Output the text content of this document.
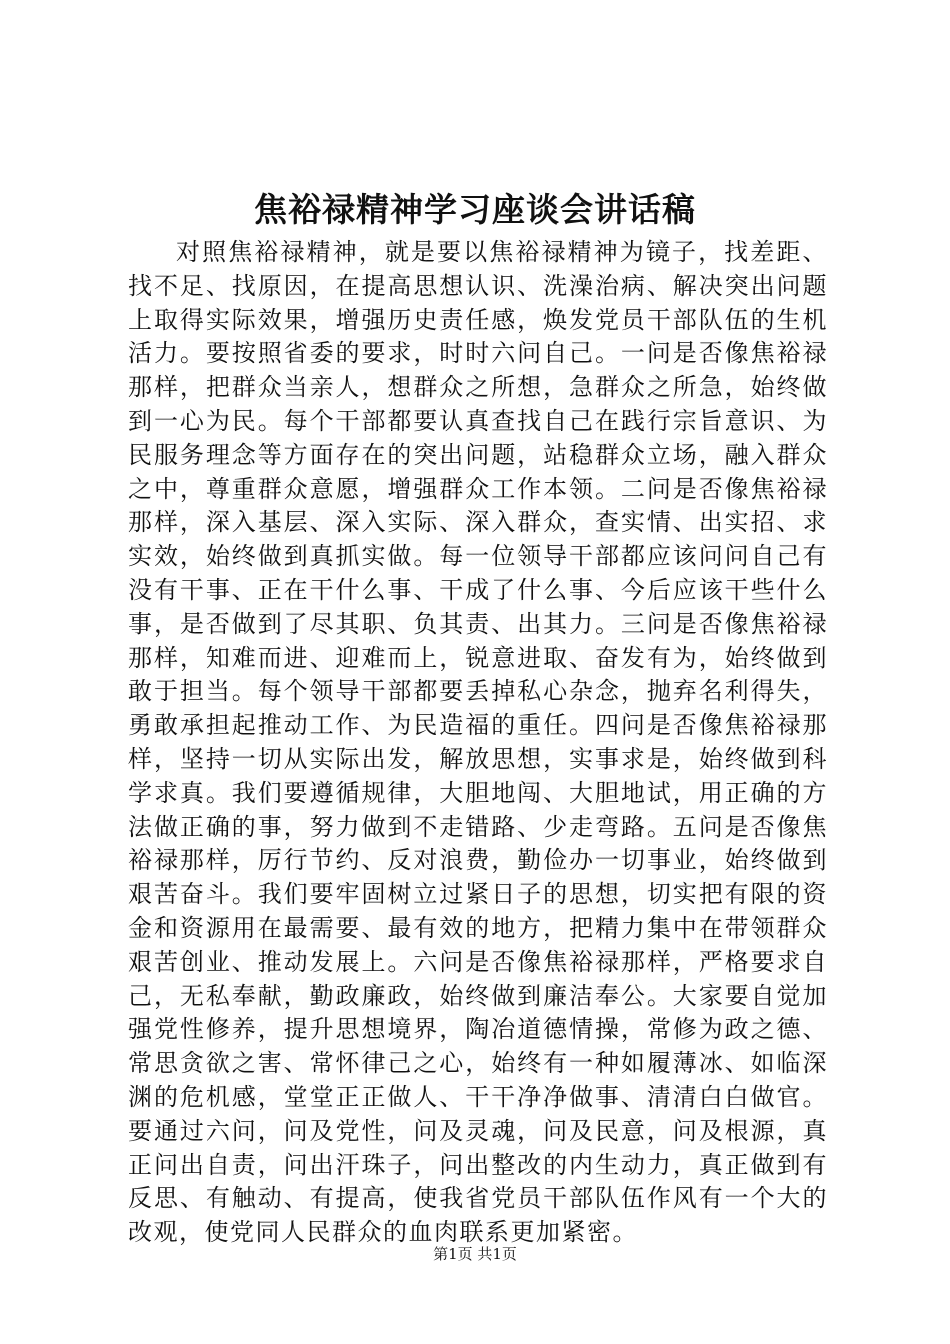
焦裕禄精神学习座谈会讲话稿

对照焦裕禄精神，就是要以焦裕禄精神为镜子，找差距、找不足、找原因，在提高思想认识、洗澡治病、解决突出问题上取得实际效果，增强历史责任感，焕发党员干部队伍的生机活力。要按照省委的要求，时时六问自己。一问是否像焦裕禄那样，把群众当亲人，想群众之所想，急群众之所急，始终做到一心为民。每个干部都要认真查找自己在践行宗旨意识、为民服务理念等方面存在的突出问题，站稳群众立场，融入群众之中，尊重群众意愿，增强群众工作本领。二问是否像焦裕禄那样，深入基层、深入实际、深入群众，查实情、出实招、求实效，始终做到真抓实做。每一位领导干部都应该问问自己有没有干事、正在干什么事、干成了什么事、今后应该干些什么事，是否做到了尽其职、负其责、出其力。三问是否像焦裕禄那样，知难而进、迎难而上，锐意进取、奋发有为，始终做到敢于担当。每个领导干部都要丢掉私心杂念，抛弃名利得失，勇敢承担起推动工作、为民造福的重任。四问是否像焦裕禄那样，坚持一切从实际出发，解放思想，实事求是，始终做到科学求真。我们要遵循规律，大胆地闯、大胆地试，用正确的方法做正确的事，努力做到不走错路、少走弯路。五问是否像焦裕禄那样，厉行节约、反对浪费，勤俭办一切事业，始终做到艰苦奋斗。我们要牢固树立过紧日子的思想，切实把有限的资金和资源用在最需要、最有效的地方，把精力集中在带领群众艰苦创业、推动发展上。六问是否像焦裕禄那样，严格要求自己，无私奉献，勤政廉政，始终做到廉洁奉公。大家要自觉加强党性修养，提升思想境界，陶冶道德情操，常修为政之德、常思贪欲之害、常怀律己之心，始终有一种如履薄冰、如临深渊的危机感，堂堂正正做人、干干净净做事、清清白白做官。要通过六问，问及党性，问及灵魂，问及民意，问及根源，真正问出自责，问出汗珠子，问出整改的内生动力，真正做到有反思、有触动、有提高，使我省党员干部队伍作风有一个大的改观，使党同人民群众的血肉联系更加紧密。

第1页 共1页
